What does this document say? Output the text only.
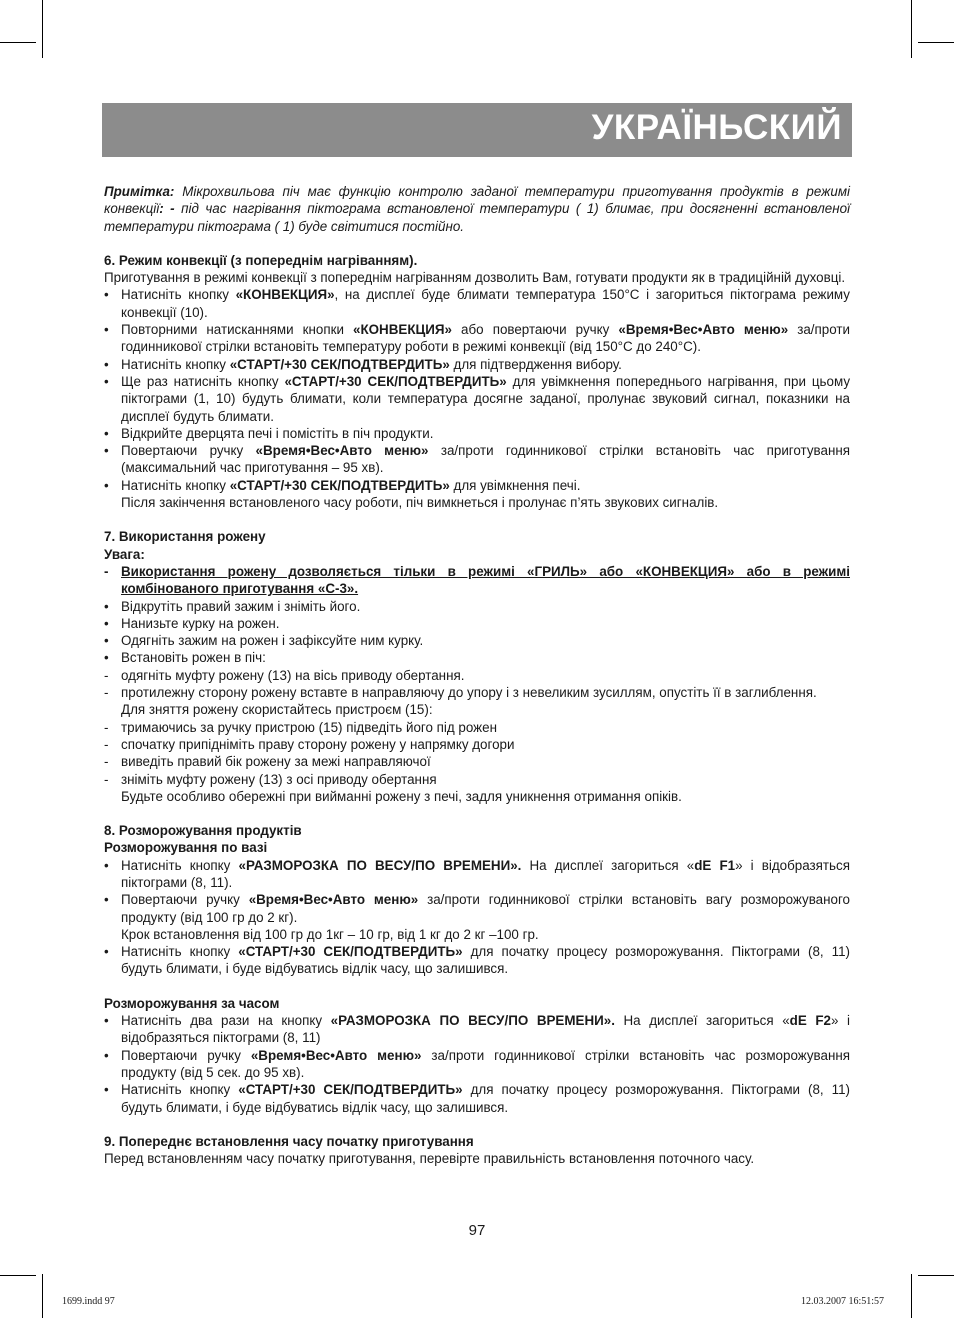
УКРАЇНЬСКИЙ

Примітка: Мікрохвильова піч має функцію контролю заданої температури приготування продуктів в режимі конвекції: - під час нагрівання піктограма встановленої температури ( 1) блимає, при досягненні встановленої температури піктограма ( 1) буде світитися постійно.

6. Режим конвекції (з попереднім нагріванням).

Приготування в режимі конвекції з попереднім нагріванням дозволить Вам, готувати продукти як в традиційній духовці.

• Натисніть кнопку «КОНВЕКЦИЯ», на дисплеї буде блимати температура 150°С і загориться піктограма режиму конвекції (10).

• Повторними натисканнями кнопки «КОНВЕКЦИЯ» або повертаючи ручку «Время•Вес•Авто меню» за/проти годинникової стрілки встановіть температуру роботи в режимі конвекції (від 150°С до 240°С).

• Натисніть кнопку «СТАРТ/+30 СЕК/ПОДТВЕРДИТЬ» для підтвердження вибору.

• Ще раз натисніть кнопку «СТАРТ/+30 СЕК/ПОДТВЕРДИТЬ» для увімкнення попереднього нагрівання, при цьому піктограми (1, 10) будуть блимати, коли температура досягне заданої, пролунає звуковий сигнал, показники на дисплеї будуть блимати.

• Відкрийте дверцята печі і помістіть в піч продукти.

• Повертаючи ручку «Время•Вес•Авто меню» за/проти годинникової стрілки встановіть час приготування (максимальний час приготування – 95 хв).

• Натисніть кнопку «СТАРТ/+30 СЕК/ПОДТВЕРДИТЬ» для увімкнення печі.

Після закінчення встановленого часу роботи, піч вимкнеться і пролунає п’ять звукових сигналів.

7. Використання рожену

Увага:

- Використання рожену дозволяється тільки в режимі «ГРИЛЬ» або «КОНВЕКЦИЯ» або в режимі комбінованого приготування «С-3».

• Відкрутіть правий зажим і зніміть його.

• Нанизьте курку на рожен.

• Одягніть зажим на рожен і зафіксуйте ним курку.

• Встановіть рожен в піч:

- одягніть муфту рожену (13) на вісь приводу обертання.

- протилежну сторону рожену вставте в направляючу до упору і з невеликим зусиллям, опустіть її в заглиблення.

Для зняття рожену скористайтесь пристроєм (15):

- тримаючись за ручку пристрою (15) підведіть його під рожен

- спочатку припідніміть праву сторону рожену у напрямку догори

- виведіть правий бік рожену за межі направляючої

- зніміть муфту рожену (13) з осі приводу обертання

Будьте особливо обережні при вийманні рожену з печі, задля уникнення отримання опіків.

8. Розморожування продуктів

Розморожування по вазі

• Натисніть кнопку «РАЗМОРОЗКА ПО ВЕСУ/ПО ВРЕМЕНИ». На дисплеї загориться «dE F1» і відобразяться піктограми (8, 11).

• Повертаючи ручку «Время•Вес•Авто меню» за/проти годинникової стрілки встановіть вагу розморожуваного продукту (від 100 гр до 2 кг).

Крок встановлення від 100 гр до 1кг – 10 гр, від 1 кг до 2 кг –100 гр.

• Натисніть кнопку «СТАРТ/+30 СЕК/ПОДТВЕРДИТЬ» для початку процесу розморожування. Піктограми (8, 11) будуть блимати, і буде відбуватись відлік часу, що залишився.

Розморожування за часом

• Натисніть два рази на кнопку «РАЗМОРОЗКА ПО ВЕСУ/ПО ВРЕМЕНИ». На дисплеї загориться «dE F2» і відобразяться піктограми (8, 11)

• Повертаючи ручку «Время•Вес•Авто меню» за/проти годинникової стрілки встановіть час розморожування продукту (від 5 сек. до 95 хв).

• Натисніть кнопку «СТАРТ/+30 СЕК/ПОДТВЕРДИТЬ» для початку процесу розморожування. Піктограми (8, 11) будуть блимати, і буде відбуватись відлік часу, що залишився.

9. Попереднє встановлення часу початку приготування

Перед встановленням часу початку приготування, перевірте правильність встановлення поточного часу.

97
1699.indd 97	12.03.2007 16:51:57
